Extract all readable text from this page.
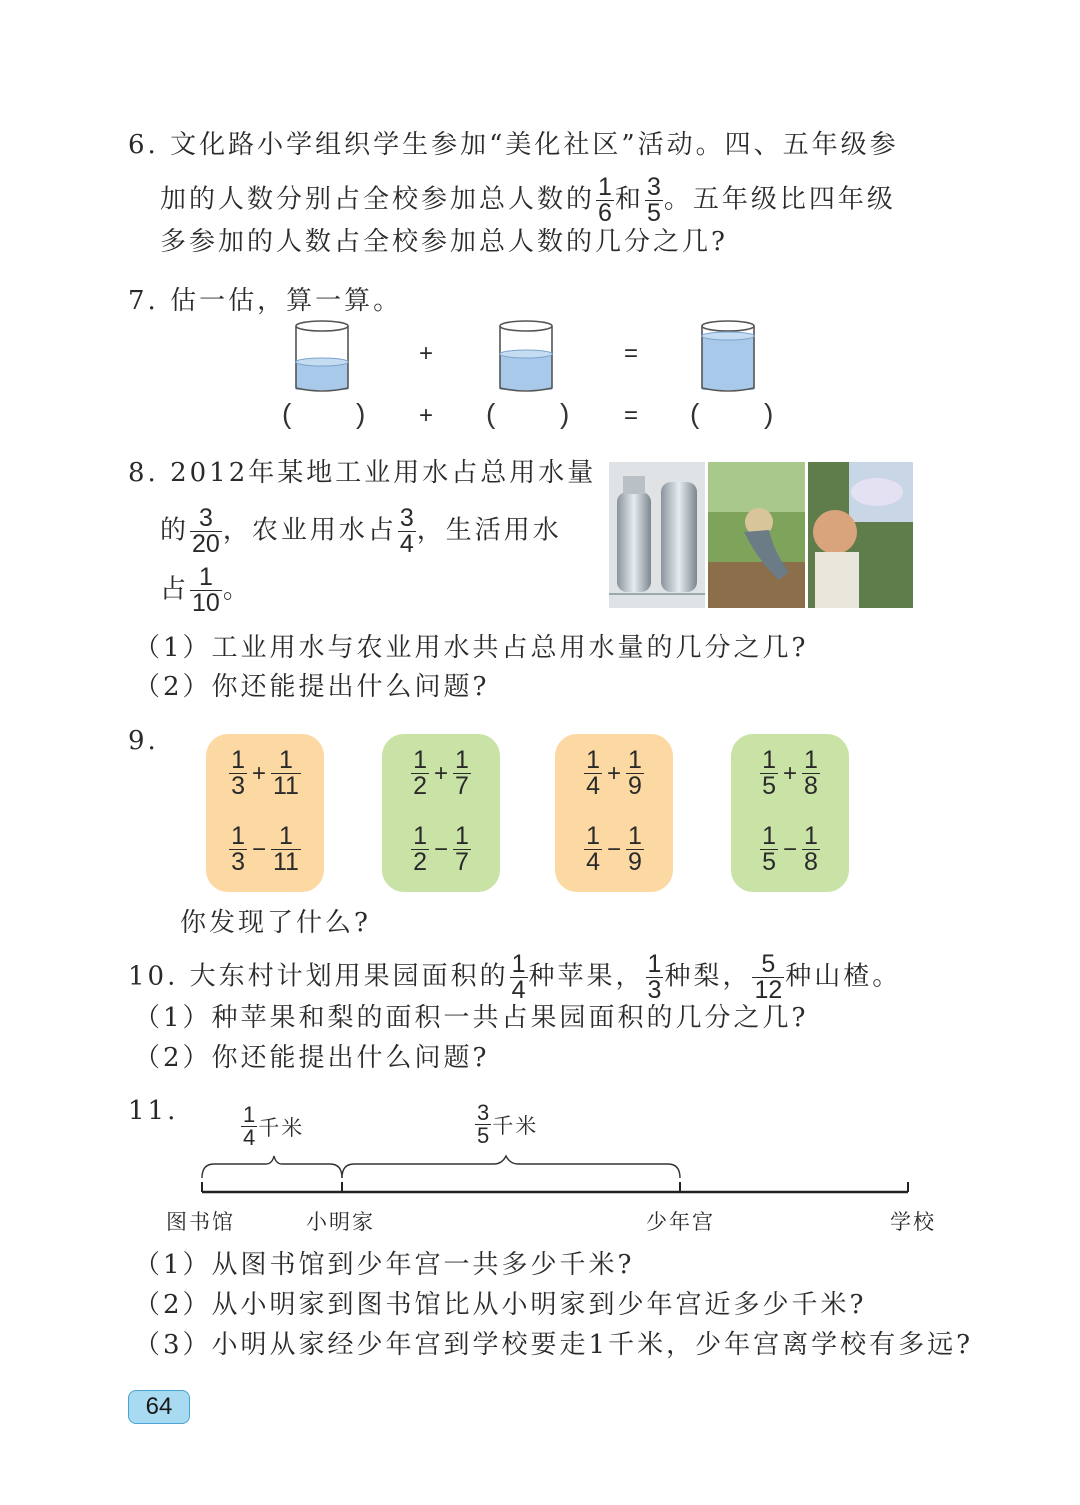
6. 文化路小学组织学生参加“美化社区”活动。四、五年级参
加的人数分别占全校参加总人数的 $\frac{1}{6}$ 和 $\frac{3}{5}$ 。五年级比四年级
多参加的人数占全校参加总人数的几分之几?
7. 估一估，算一算。
+	=
( ) + ( ) = ( )
8. 2012年某地工业用水占总用水量
的 $\frac{3}{20}$ ，农业用水占 $\frac{3}{4}$ ，生活用水
占 $\frac{1}{10}$ 。
（1）工业用水与农业用水共占总用水量的几分之几?
（2）你还能提出什么问题?
9.
$\frac{1}{3} + \frac{1}{11}$
$\frac{1}{3} - \frac{1}{11}$
$\frac{1}{2} + \frac{1}{7}$
$\frac{1}{2} - \frac{1}{7}$
$\frac{1}{4} + \frac{1}{9}$
$\frac{1}{4} - \frac{1}{9}$
$\frac{1}{5} + \frac{1}{8}$
$\frac{1}{5} - \frac{1}{8}$
你发现了什么?
10. 大东村计划用果园面积的 $\frac{1}{4}$ 种苹果， $\frac{1}{3}$ 种梨， $\frac{5}{12}$ 种山楂。
（1）种苹果和梨的面积一共占果园面积的几分之几?
（2）你还能提出什么问题?
11.	$\frac{1}{4}$ 千米	$\frac{3}{5}$ 千米
图书馆	小明家	少年宫	学校
（1）从图书馆到少年宫一共多少千米?
（2）从小明家到图书馆比从小明家到少年宫近多少千米?
（3）小明从家经少年宫到学校要走1千米，少年宫离学校有多远?
64
